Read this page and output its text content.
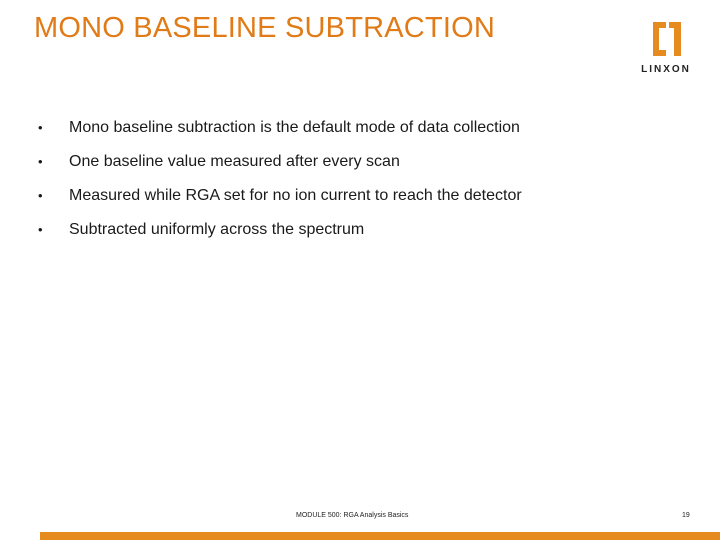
MONO BASELINE SUBTRACTION
LINXON
• Mono baseline subtraction is the default mode of data collection
• One baseline value measured after every scan
• Measured while RGA set for no ion current to reach the detector
• Subtracted uniformly across the spectrum
MODULE 500: RGA Analysis Basics	19
